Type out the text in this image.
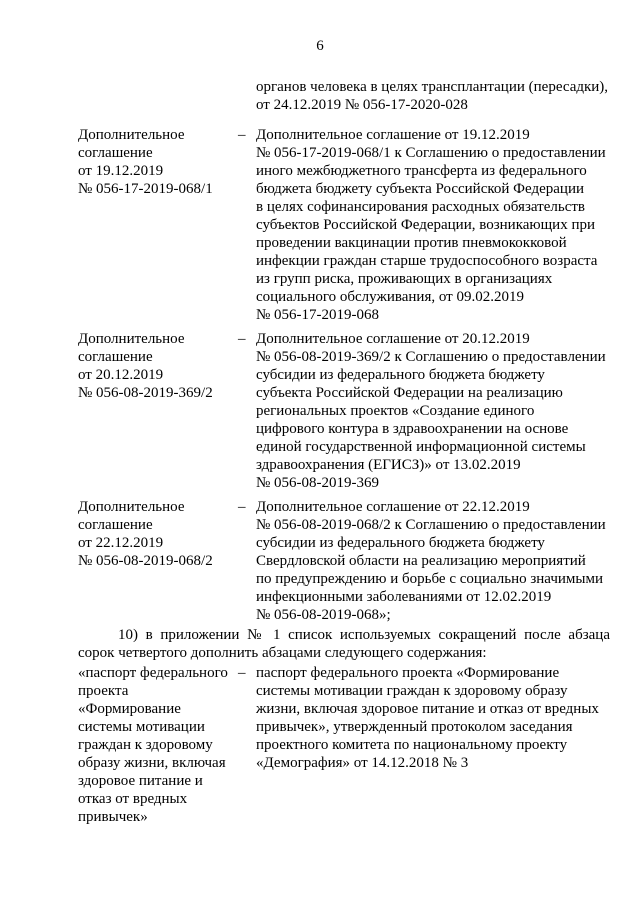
6
органов человека в целях трансплантации (пересадки),
от 24.12.2019 № 056-17-2020-028
Дополнительное
соглашение
от 19.12.2019
№ 056-17-2019-068/1
– Дополнительное соглашение от 19.12.2019
№ 056-17-2019-068/1 к Соглашению о предоставлении
иного межбюджетного трансферта из федерального
бюджета бюджету субъекта Российской Федерации
в целях софинансирования расходных обязательств
субъектов Российской Федерации, возникающих при
проведении вакцинации против пневмококковой
инфекции граждан старше трудоспособного возраста
из групп риска, проживающих в организациях
социального обслуживания, от 09.02.2019
№ 056-17-2019-068
Дополнительное
соглашение
от 20.12.2019
№ 056-08-2019-369/2
– Дополнительное соглашение от 20.12.2019
№ 056-08-2019-369/2 к Соглашению о предоставлении
субсидии из федерального бюджета бюджету
субъекта Российской Федерации на реализацию
региональных проектов «Создание единого
цифрового контура в здравоохранении на основе
единой государственной информационной системы
здравоохранения (ЕГИСЗ)» от 13.02.2019
№ 056-08-2019-369
Дополнительное
соглашение
от 22.12.2019
№ 056-08-2019-068/2
– Дополнительное соглашение от 22.12.2019
№ 056-08-2019-068/2 к Соглашению о предоставлении
субсидии из федерального бюджета бюджету
Свердловской области на реализацию мероприятий
по предупреждению и борьбе с социально значимыми
инфекционными заболеваниями от 12.02.2019
№ 056-08-2019-068»;
10) в приложении № 1 список используемых сокращений после абзаца
сорок четвертого дополнить абзацами следующего содержания:
«паспорт федерального
проекта
«Формирование
системы мотивации
граждан к здоровому
образу жизни, включая
здоровое питание и
отказ от вредных
привычек»
– паспорт федерального проекта «Формирование
системы мотивации граждан к здоровому образу
жизни, включая здоровое питание и отказ от вредных
привычек», утвержденный протоколом заседания
проектного комитета по национальному проекту
«Демография» от 14.12.2018 № 3
